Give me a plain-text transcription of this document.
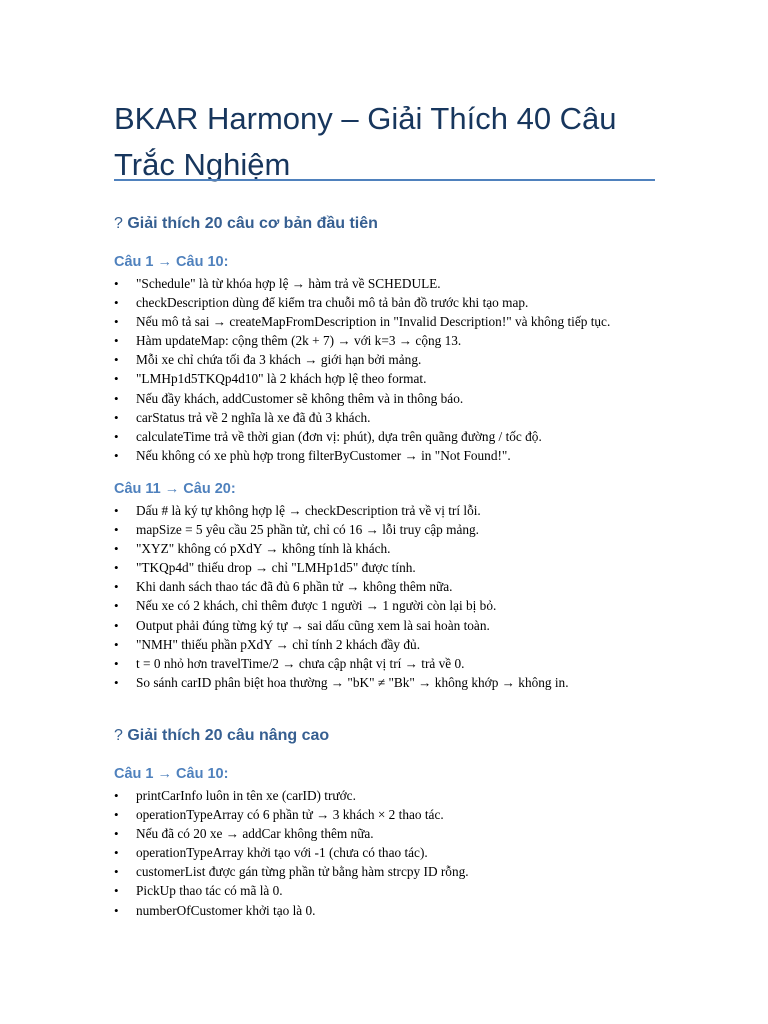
BKAR Harmony – Giải Thích 40 Câu Trắc Nghiệm
? Giải thích 20 câu cơ bản đầu tiên
Câu 1 → Câu 10:
• "Schedule" là từ khóa hợp lệ → hàm trả về SCHEDULE.
• checkDescription dùng để kiểm tra chuỗi mô tả bản đồ trước khi tạo map.
• Nếu mô tả sai → createMapFromDescription in "Invalid Description!" và không tiếp tục.
• Hàm updateMap: cộng thêm (2k + 7) → với k=3 → cộng 13.
• Mỗi xe chỉ chứa tối đa 3 khách → giới hạn bởi mảng.
• "LMHp1d5TKQp4d10" là 2 khách hợp lệ theo format.
• Nếu đầy khách, addCustomer sẽ không thêm và in thông báo.
• carStatus trả về 2 nghĩa là xe đã đủ 3 khách.
• calculateTime trả về thời gian (đơn vị: phút), dựa trên quãng đường / tốc độ.
• Nếu không có xe phù hợp trong filterByCustomer → in "Not Found!".
Câu 11 → Câu 20:
• Dấu # là ký tự không hợp lệ → checkDescription trả về vị trí lỗi.
• mapSize = 5 yêu cầu 25 phần tử, chỉ có 16 → lỗi truy cập mảng.
• "XYZ" không có pXdY → không tính là khách.
• "TKQp4d" thiếu drop → chỉ "LMHp1d5" được tính.
• Khi danh sách thao tác đã đủ 6 phần tử → không thêm nữa.
• Nếu xe có 2 khách, chỉ thêm được 1 người → 1 người còn lại bị bỏ.
• Output phải đúng từng ký tự → sai dấu cũng xem là sai hoàn toàn.
• "NMH" thiếu phần pXdY → chỉ tính 2 khách đầy đủ.
• t = 0 nhỏ hơn travelTime/2 → chưa cập nhật vị trí → trả về 0.
• So sánh carID phân biệt hoa thường → "bK" ≠ "Bk" → không khớp → không in.
? Giải thích 20 câu nâng cao
Câu 1 → Câu 10:
• printCarInfo luôn in tên xe (carID) trước.
• operationTypeArray có 6 phần tử → 3 khách × 2 thao tác.
• Nếu đã có 20 xe → addCar không thêm nữa.
• operationTypeArray khởi tạo với -1 (chưa có thao tác).
• customerList được gán từng phần tử bằng hàm strcpy ID rỗng.
• PickUp thao tác có mã là 0.
• numberOfCustomer khởi tạo là 0.
